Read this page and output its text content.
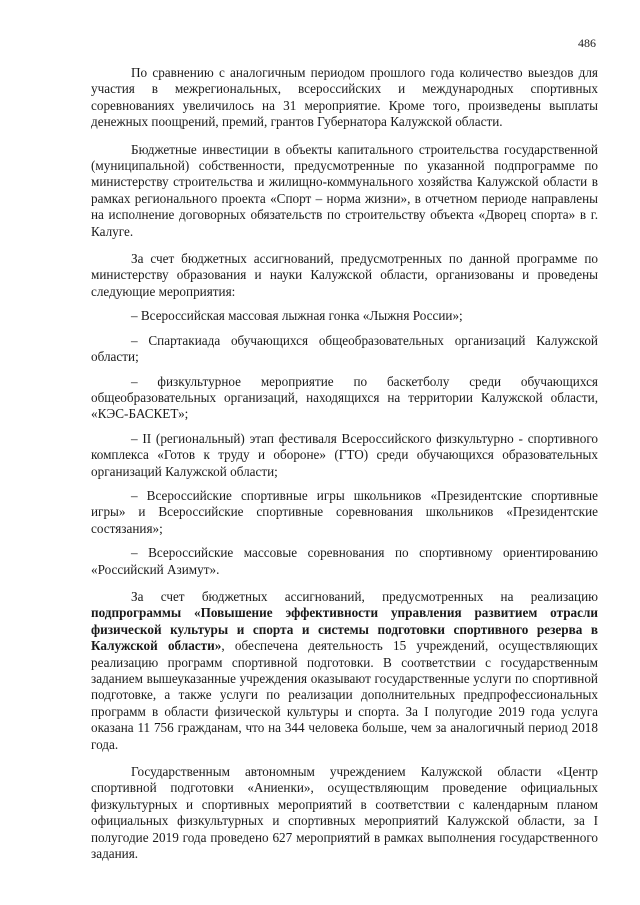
486

По сравнению с аналогичным периодом прошлого года количество выездов для участия в межрегиональных, всероссийских и международных спортивных соревнованиях увеличилось на 31 мероприятие. Кроме того, произведены выплаты денежных поощрений, премий, грантов Губернатора Калужской области.

Бюджетные инвестиции в объекты капитального строительства государственной (муниципальной) собственности, предусмотренные по указанной подпрограмме по министерству строительства и жилищно-коммунального хозяйства Калужской области в рамках регионального проекта «Спорт – норма жизни», в отчетном периоде направлены на исполнение договорных обязательств по строительству объекта «Дворец спорта» в г. Калуге.

За счет бюджетных ассигнований, предусмотренных по данной программе по министерству образования и науки Калужской области, организованы и проведены следующие мероприятия:

– Всероссийская массовая лыжная гонка «Лыжня России»;

– Спартакиада обучающихся общеобразовательных организаций Калужской области;

– физкультурное мероприятие по баскетболу среди обучающихся общеобразовательных организаций, находящихся на территории Калужской области, «КЭС-БАСКЕТ»;

– II (региональный) этап фестиваля Всероссийского физкультурно - спортивного комплекса «Готов к труду и обороне» (ГТО) среди обучающихся образовательных организаций Калужской области;

– Всероссийские спортивные игры школьников «Президентские спортивные игры» и Всероссийские спортивные соревнования школьников «Президентские состязания»;

– Всероссийские массовые соревнования по спортивному ориентированию «Российский Азимут».

За счет бюджетных ассигнований, предусмотренных на реализацию подпрограммы «Повышение эффективности управления развитием отрасли физической культуры и спорта и системы подготовки спортивного резерва в Калужской области», обеспечена деятельность 15 учреждений, осуществляющих реализацию программ спортивной подготовки. В соответствии с государственным заданием вышеуказанные учреждения оказывают государственные услуги по спортивной подготовке, а также услуги по реализации дополнительных предпрофессиональных программ в области физической культуры и спорта. За I полугодие 2019 года услуга оказана 11 756 гражданам, что на 344 человека больше, чем за аналогичный период 2018 года.

Государственным автономным учреждением Калужской области «Центр спортивной подготовки «Аниенки», осуществляющим проведение официальных физкультурных и спортивных мероприятий в соответствии с календарным планом официальных физкультурных и спортивных мероприятий Калужской области, за I полугодие 2019 года проведено 627 мероприятий в рамках выполнения государственного задания.
